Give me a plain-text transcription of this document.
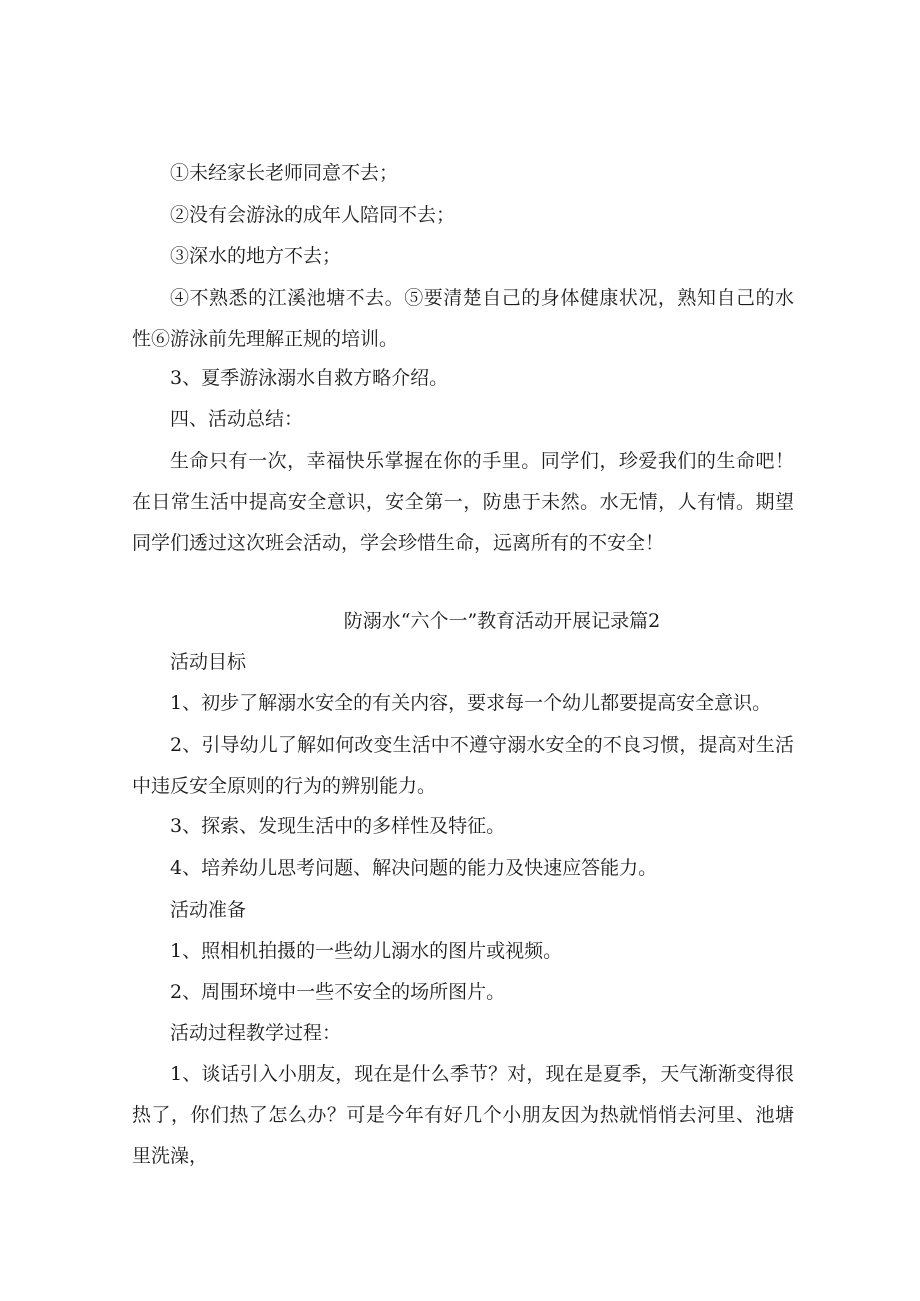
①未经家长老师同意不去；

②没有会游泳的成年人陪同不去；

③深水的地方不去；

④不熟悉的江溪池塘不去。⑤要清楚自己的身体健康状况，熟知自己的水性⑥游泳前先理解正规的培训。

3、夏季游泳溺水自救方略介绍。

四、活动总结：

生命只有一次，幸福快乐掌握在你的手里。同学们，珍爱我们的生命吧！在日常生活中提高安全意识，安全第一，防患于未然。水无情，人有情。期望同学们透过这次班会活动，学会珍惜生命，远离所有的不安全！

防溺水“六个一”教育活动开展记录篇2

活动目标

1、初步了解溺水安全的有关内容，要求每一个幼儿都要提高安全意识。

2、引导幼儿了解如何改变生活中不遵守溺水安全的不良习惯，提高对生活中违反安全原则的行为的辨别能力。

3、探索、发现生活中的多样性及特征。

4、培养幼儿思考问题、解决问题的能力及快速应答能力。

活动准备

1、照相机拍摄的一些幼儿溺水的图片或视频。

2、周围环境中一些不安全的场所图片。

活动过程教学过程：

1、谈话引入小朋友，现在是什么季节？对，现在是夏季，天气渐渐变得很热了，你们热了怎么办？可是今年有好几个小朋友因为热就悄悄去河里、池塘里洗澡，
